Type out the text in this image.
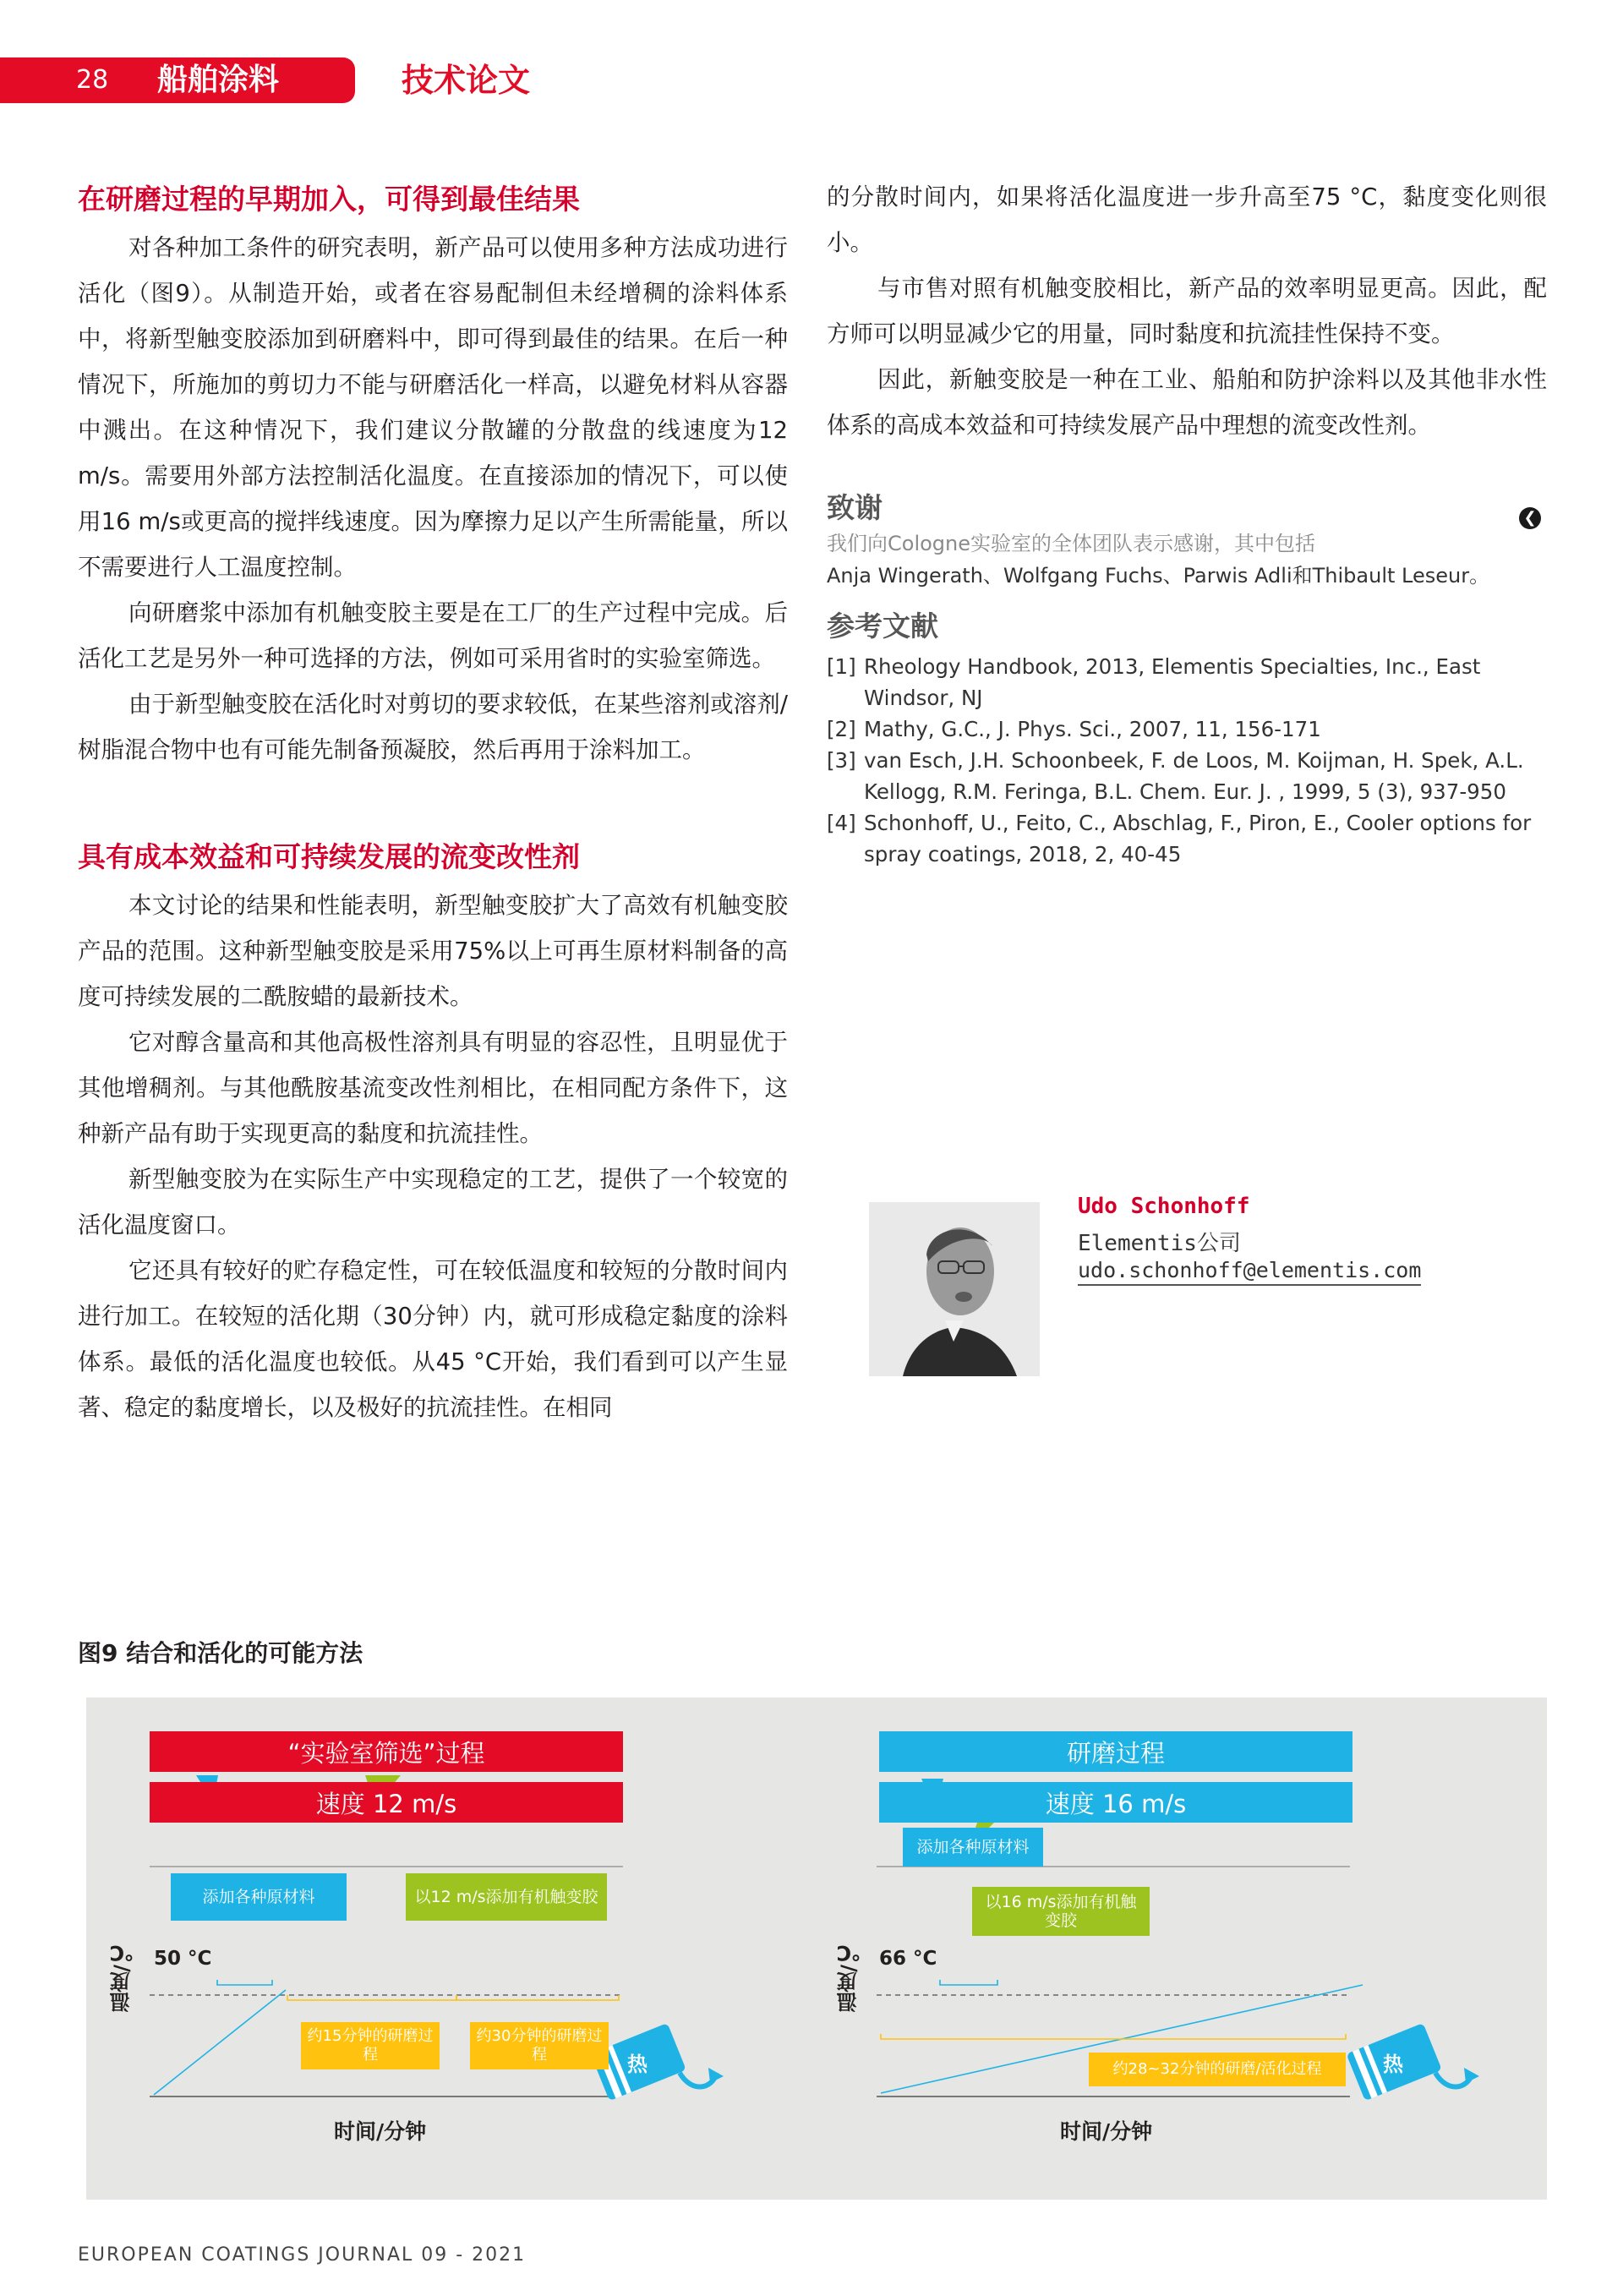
28 船舶涂料	技术论文
在研磨过程的早期加入，可得到最佳结果
对各种加工条件的研究表明，新产品可以使用多种方法成功进行活化（图9）。从制造开始，或者在容易配制但未经增稠的涂料体系中，将新型触变胶添加到研磨料中，即可得到最佳的结果。在后一种情况下，所施加的剪切力不能与研磨活化一样高，以避免材料从容器中溅出。在这种情况下，我们建议分散罐的分散盘的线速度为12 m/s。需要用外部方法控制活化温度。在直接添加的情况下，可以使用16 m/s或更高的搅拌线速度。因为摩擦力足以产生所需能量，所以不需要进行人工温度控制。
向研磨浆中添加有机触变胶主要是在工厂的生产过程中完成。后活化工艺是另外一种可选择的方法，例如可采用省时的实验室筛选。
由于新型触变胶在活化时对剪切的要求较低，在某些溶剂或溶剂/树脂混合物中也有可能先制备预凝胶，然后再用于涂料加工。
具有成本效益和可持续发展的流变改性剂
本文讨论的结果和性能表明，新型触变胶扩大了高效有机触变胶产品的范围。这种新型触变胶是采用75%以上可再生原材料制备的高度可持续发展的二酰胺蜡的最新技术。
它对醇含量高和其他高极性溶剂具有明显的容忍性，且明显优于其他增稠剂。与其他酰胺基流变改性剂相比，在相同配方条件下，这种新产品有助于实现更高的黏度和抗流挂性。
新型触变胶为在实际生产中实现稳定的工艺，提供了一个较宽的活化温度窗口。
它还具有较好的贮存稳定性，可在较低温度和较短的分散时间内进行加工。在较短的活化期（30分钟）内，就可形成稳定黏度的涂料体系。最低的活化温度也较低。从45 °C开始，我们看到可以产生显著、稳定的黏度增长，以及极好的抗流挂性。在相同
的分散时间内，如果将活化温度进一步升高至75 °C，黏度变化则很小。
与市售对照有机触变胶相比，新产品的效率明显更高。因此，配方师可以明显减少它的用量，同时黏度和抗流挂性保持不变。
因此，新触变胶是一种在工业、船舶和防护涂料以及其他非水性体系的高成本效益和可持续发展产品中理想的流变改性剂。
致谢
我们向Cologne实验室的全体团队表示感谢，其中包括
Anja Wingerath、Wolfgang Fuchs、Parwis Adli和Thibault Leseur。
参考文献
[1] Rheology Handbook, 2013, Elementis Specialties, Inc., East Windsor, NJ
[2] Mathy, G.C., J. Phys. Sci., 2007, 11, 156-171
[3] van Esch, J.H. Schoonbeek, F. de Loos, M. Koijman, H. Spek, A.L. Kellogg, R.M. Feringa, B.L. Chem. Eur. J. , 1999, 5 (3), 937-950
[4] Schonhoff, U., Feito, C., Abschlag, F., Piron, E., Cooler options for spray coatings, 2018, 2, 40-45
❮
Udo Schonhoff
Elementis公司
udo.schonhoff@elementis.com
图9 结合和活化的可能方法
“实验室筛选”过程
速度 12 m/s
添加各种原材料	以12 m/s添加有机触变胶
50 °C
约15分钟的研磨过程
约30分钟的研磨过程	热
时间/分钟
温度/℃
研磨过程
速度 16 m/s
添加各种原材料
以16 m/s添加有机触变胶
66 °C
约28~32分钟的研磨/活化过程	热
时间/分钟
温度/℃
EUROPEAN COATINGS JOURNAL 09 - 2021
